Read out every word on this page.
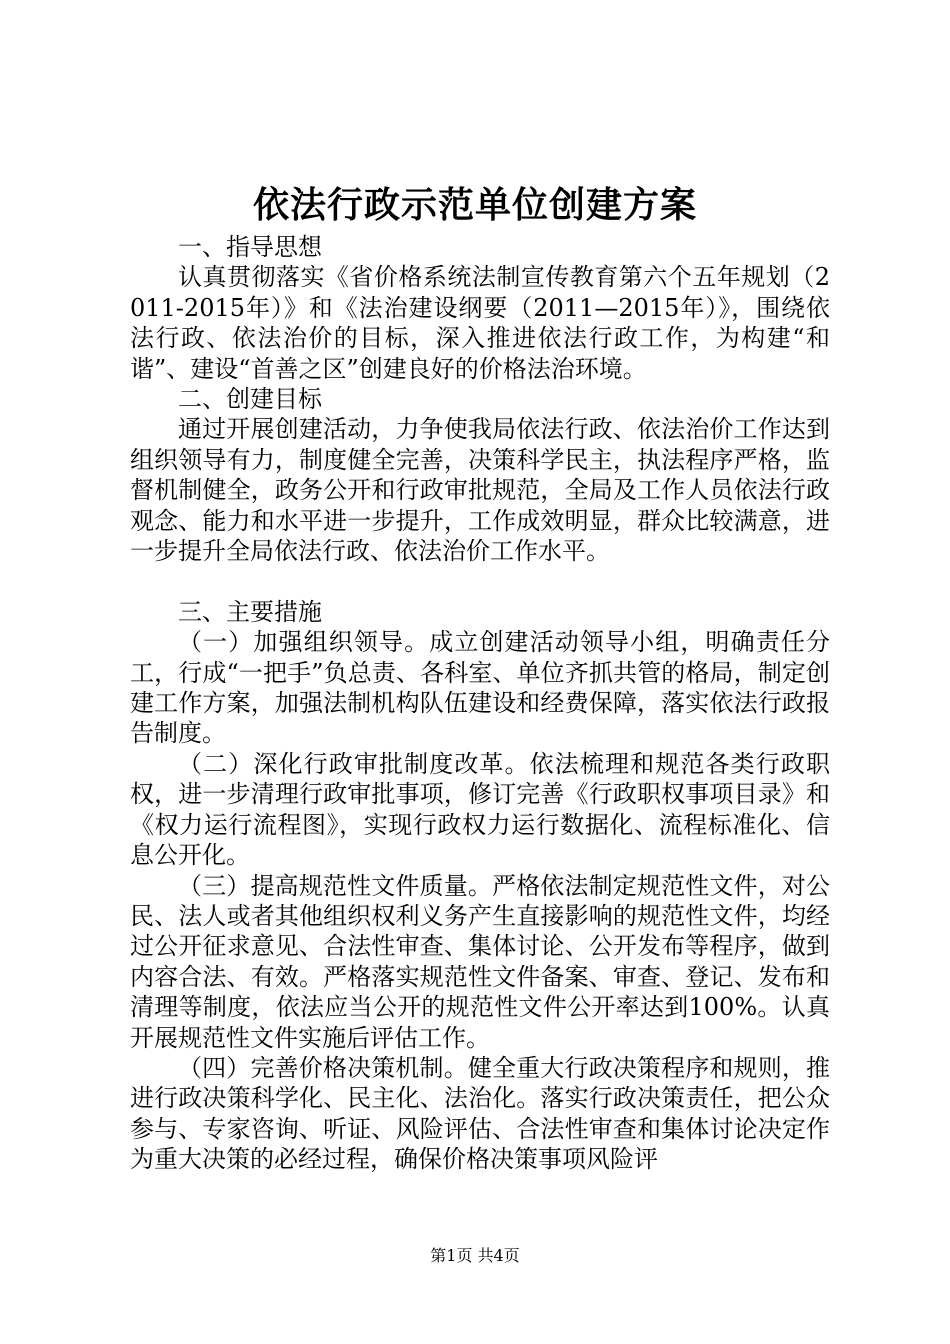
依法行政示范单位创建方案

一、指导思想

认真贯彻落实《省价格系统法制宣传教育第六个五年规划（2011-2015年）》和《法治建设纲要（2011—2015年）》，围绕依法行政、依法治价的目标，深入推进依法行政工作，为构建“和谐”、建设“首善之区”创建良好的价格法治环境。

二、创建目标

通过开展创建活动，力争使我局依法行政、依法治价工作达到组织领导有力，制度健全完善，决策科学民主，执法程序严格，监督机制健全，政务公开和行政审批规范，全局及工作人员依法行政观念、能力和水平进一步提升，工作成效明显，群众比较满意，进一步提升全局依法行政、依法治价工作水平。

三、主要措施

（一）加强组织领导。成立创建活动领导小组，明确责任分工，行成“一把手”负总责、各科室、单位齐抓共管的格局，制定创建工作方案，加强法制机构队伍建设和经费保障，落实依法行政报告制度。

（二）深化行政审批制度改革。依法梳理和规范各类行政职权，进一步清理行政审批事项，修订完善《行政职权事项目录》和《权力运行流程图》，实现行政权力运行数据化、流程标准化、信息公开化。

（三）提高规范性文件质量。严格依法制定规范性文件，对公民、法人或者其他组织权利义务产生直接影响的规范性文件，均经过公开征求意见、合法性审查、集体讨论、公开发布等程序，做到内容合法、有效。严格落实规范性文件备案、审查、登记、发布和清理等制度，依法应当公开的规范性文件公开率达到100%。认真开展规范性文件实施后评估工作。

（四）完善价格决策机制。健全重大行政决策程序和规则，推进行政决策科学化、民主化、法治化。落实行政决策责任，把公众参与、专家咨询、听证、风险评估、合法性审查和集体讨论决定作为重大决策的必经过程，确保价格决策事项风险评

第1页 共4页
